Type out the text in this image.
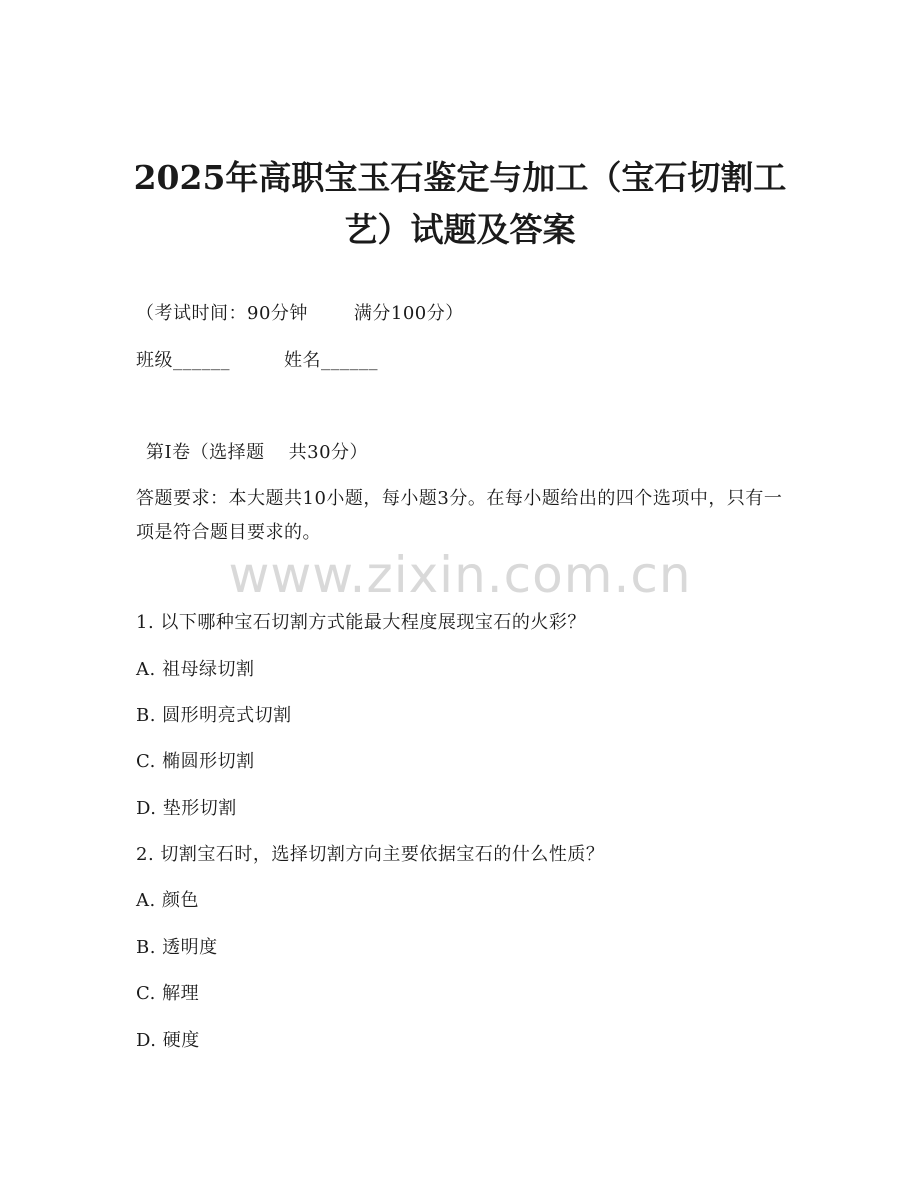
2025年高职宝玉石鉴定与加工（宝石切割工
艺）试题及答案
（考试时间：90分钟	满分100分）
班级______	姓名______
第I卷（选择题 共30分）
答题要求：本大题共10小题，每小题3分。在每小题给出的四个选项中，只有一项是符合题目要求的。
www.zixin.com.cn
1. 以下哪种宝石切割方式能最大程度展现宝石的火彩？
A. 祖母绿切割
B. 圆形明亮式切割
C. 椭圆形切割
D. 垫形切割
2. 切割宝石时，选择切割方向主要依据宝石的什么性质？
A. 颜色
B. 透明度
C. 解理
D. 硬度
